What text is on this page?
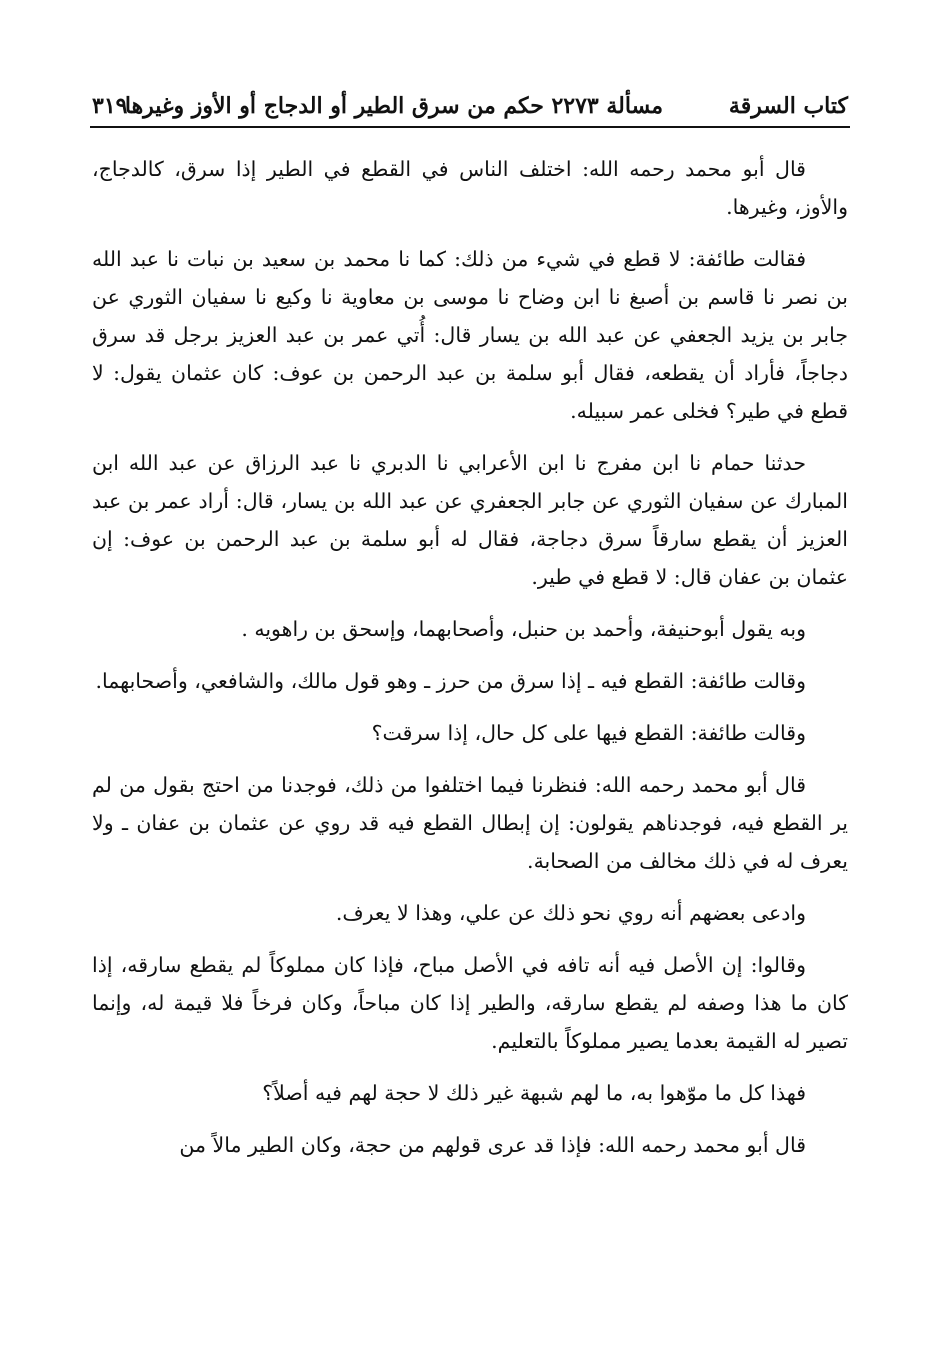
كتاب السرقة
مسألة ٢٢٧٣ حكم من سرق الطير أو الدجاج أو الأوز وغيرها
٣١٩

قال أبو محمد رحمه الله: اختلف الناس في القطع في الطير إذا سرق، كالدجاج، والأوز، وغيرها.

فقالت طائفة: لا قطع في شيء من ذلك: كما نا محمد بن سعيد بن نبات نا عبد الله بن نصر نا قاسم بن أصبغ نا ابن وضاح نا موسى بن معاوية نا وكيع نا سفيان الثوري عن جابر بن يزيد الجعفي عن عبد الله بن يسار قال: أُتي عمر بن عبد العزيز برجل قد سرق دجاجاً، فأراد أن يقطعه، فقال أبو سلمة بن عبد الرحمن بن عوف: كان عثمان يقول: لا قطع في طير؟ فخلى عمر سبيله.

حدثنا حمام نا ابن مفرج نا ابن الأعرابي نا الدبري نا عبد الرزاق عن عبد الله ابن المبارك عن سفيان الثوري عن جابر الجعفري عن عبد الله بن يسار، قال: أراد عمر بن عبد العزيز أن يقطع سارقاً سرق دجاجة، فقال له أبو سلمة بن عبد الرحمن بن عوف: إن عثمان بن عفان قال: لا قطع في طير.

وبه يقول أبوحنيفة، وأحمد بن حنبل، وأصحابهما، وإسحق بن راهويه .

وقالت طائفة: القطع فيه ـ إذا سرق من حرز ـ وهو قول مالك، والشافعي، وأصحابهما.

وقالت طائفة: القطع فيها على كل حال، إذا سرقت؟

قال أبو محمد رحمه الله: فنظرنا فيما اختلفوا من ذلك، فوجدنا من احتج بقول من لم ير القطع فيه، فوجدناهم يقولون: إن إبطال القطع فيه قد روي عن عثمان بن عفان ـ ولا يعرف له في ذلك مخالف من الصحابة.

وادعى بعضهم أنه روي نحو ذلك عن علي، وهذا لا يعرف.

وقالوا: إن الأصل فيه أنه تافه في الأصل مباح، فإذا كان مملوكاً لم يقطع سارقه، إذا كان ما هذا وصفه لم يقطع سارقه، والطير إذا كان مباحاً، وكان فرخاً فلا قيمة له، وإنما تصير له القيمة بعدما يصير مملوكاً بالتعليم.

فهذا كل ما موّهوا به، ما لهم شبهة غير ذلك لا حجة لهم فيه أصلاً؟

قال أبو محمد رحمه الله: فإذا قد عرى قولهم من حجة، وكان الطير مالاً من
